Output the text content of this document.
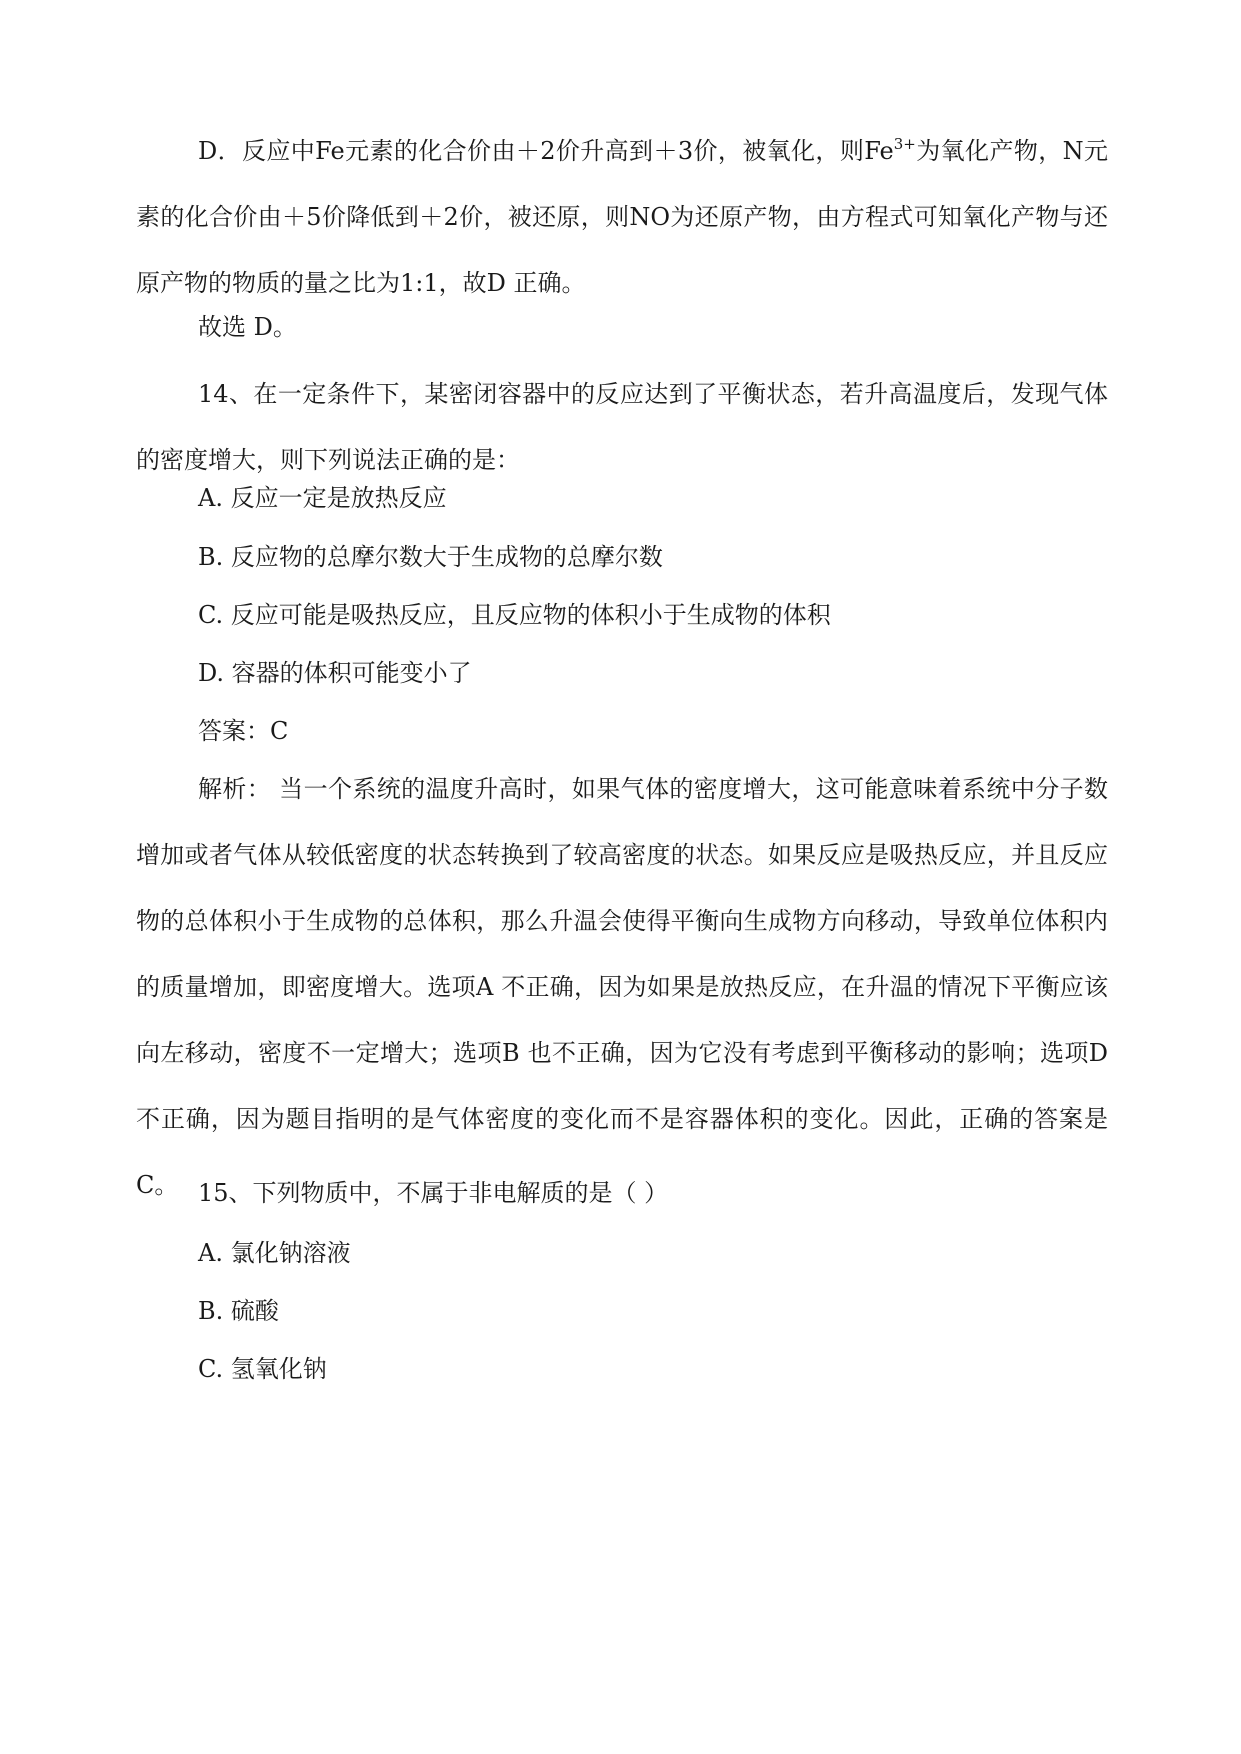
D．反应中Fe元素的化合价由＋2价升高到＋3价，被氧化，则$Fe^{3+}$为氧化产物，N元素的化合价由＋5价降低到＋2价，被还原，则NO为还原产物，由方程式可知氧化产物与还原产物的物质的量之比为1:1，故D 正确。

故选 D。

14、在一定条件下，某密闭容器中的反应达到了平衡状态，若升高温度后，发现气体的密度增大，则下列说法正确的是：

A. 反应一定是放热反应

B. 反应物的总摩尔数大于生成物的总摩尔数

C. 反应可能是吸热反应，且反应物的体积小于生成物的体积

D. 容器的体积可能变小了

答案：C

解析： 当一个系统的温度升高时，如果气体的密度增大，这可能意味着系统中分子数增加或者气体从较低密度的状态转换到了较高密度的状态。如果反应是吸热反应，并且反应物的总体积小于生成物的总体积，那么升温会使得平衡向生成物方向移动，导致单位体积内的质量增加，即密度增大。选项A 不正确，因为如果是放热反应，在升温的情况下平衡应该向左移动，密度不一定增大；选项B 也不正确，因为它没有考虑到平衡移动的影响；选项D 不正确，因为题目指明的是气体密度的变化而不是容器体积的变化。因此，正确的答案是C。 15、下列物质中，不属于非电解质的是（ ）

A. 氯化钠溶液

B. 硫酸

C. 氢氧化钠
